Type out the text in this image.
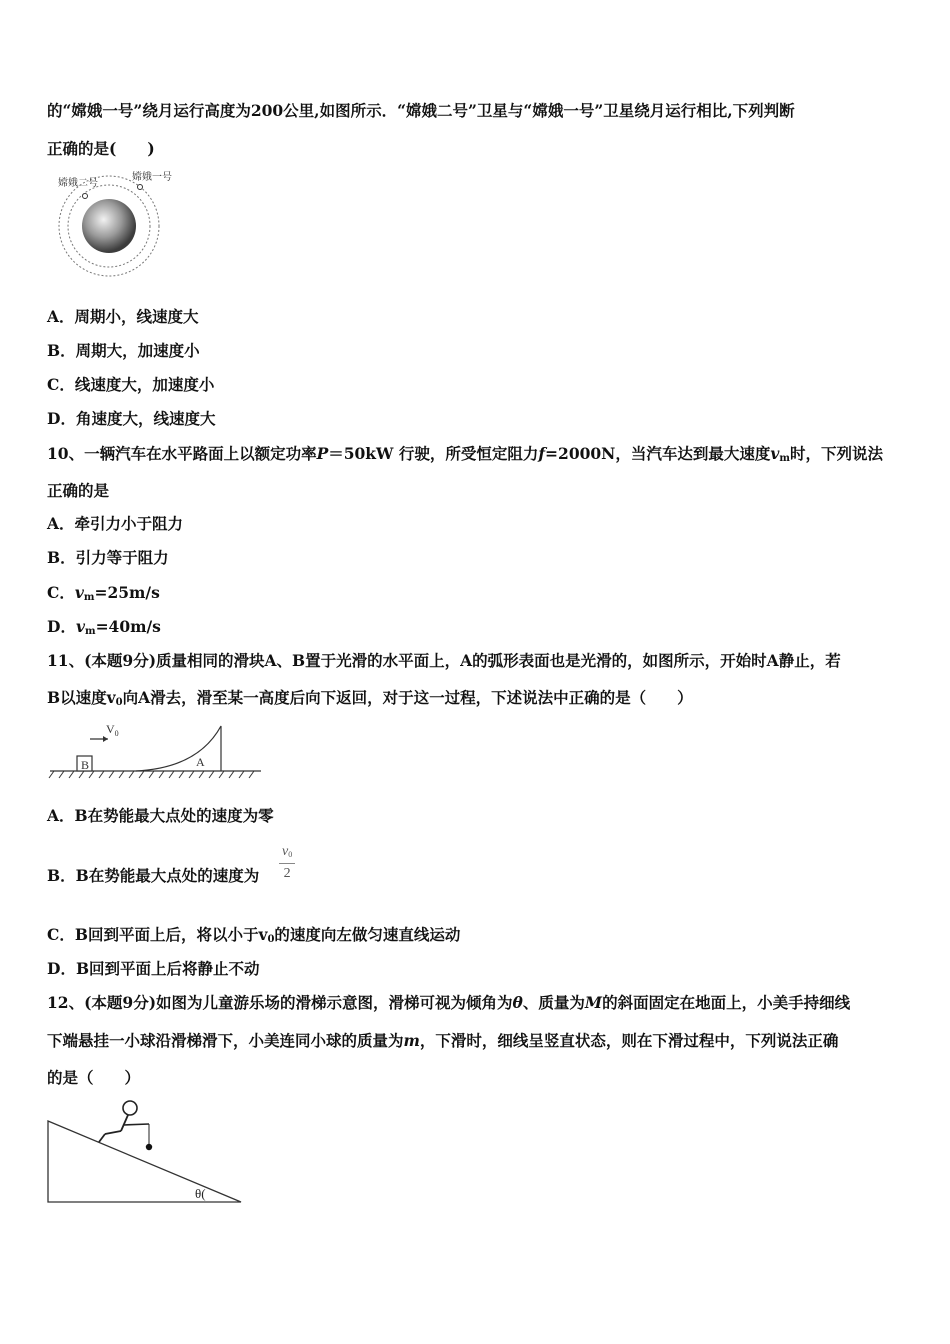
的“嫦娥一号”绕月运行高度为200公里,如图所示．“嫦娥二号”卫星与“嫦娥一号”卫星绕月运行相比,下列判断
正确的是(　　)
嫦娥二号
嫦娥一号
A．周期小，线速度大
B．周期大，加速度小
C．线速度大，加速度小
D．角速度大，线速度大
10、一辆汽车在水平路面上以额定功率P＝50kW 行驶，所受恒定阻力f=2000N，当汽车达到最大速度$v_m$时，下列说法
正确的是
A．牵引力小于阻力
B．引力等于阻力
C．$v_m=25m/s$
D．$v_m=40m/s$
11、(本题9分)质量相同的滑块A、B置于光滑的水平面上，A的弧形表面也是光滑的，如图所示，开始时A静止，若
B以速度$v_0$向A滑去，滑至某一高度后向下返回，对于这一过程，下述说法中正确的是（　　）
B	A
$V_0$
A．B在势能最大点处的速度为零
B．B在势能最大点处的速度为 $\frac{v_0}{2}$
C．B回到平面上后，将以小于$v_0$的速度向左做匀速直线运动
D．B回到平面上后将静止不动
12、(本题9分)如图为儿童游乐场的滑梯示意图，滑梯可视为倾角为θ、质量为M的斜面固定在地面上，小美手持细线
下端悬挂一小球沿滑梯滑下，小美连同小球的质量为m，下滑时，细线呈竖直状态，则在下滑过程中，下列说法正确
的是（　　）
θ(
